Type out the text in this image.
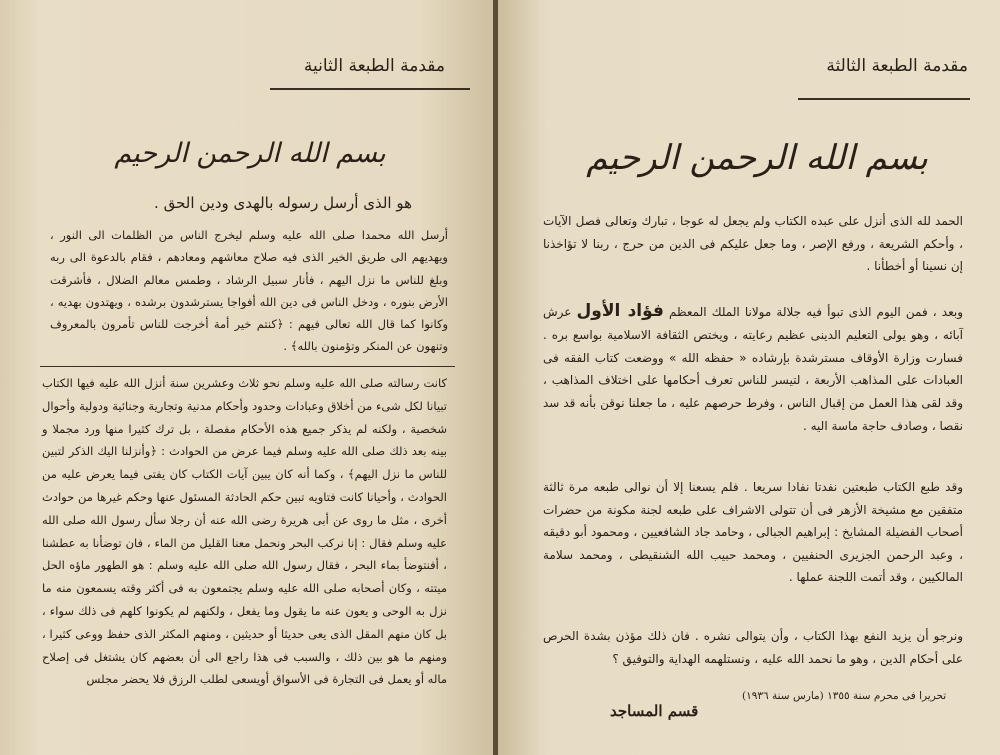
مقدمة الطبعة الثانية
بسم الله الرحمن الرحيم
هو الذى أرسل رسوله بالهدى ودين الحق .

أرسل الله محمدا صلى الله عليه وسلم ليخرج الناس من الظلمات الى النور ، ويهديهم الى طريق الخير الذى فيه صلاح معاشهم ومعادهم ، فقام بالدعوة الى ربه وبلغ للناس ما نزل اليهم ، فأنار سبيل الرشاد ، وطمس معالم الضلال ، فأشرقت الأرض بنوره ، ودخل الناس فى دين الله أفواجا يسترشدون برشده ، ويهتدون بهديه ، وكانوا كما قال الله تعالى فيهم : ﴿كنتم خير أمة أخرجت للناس تأمرون بالمعروف وتنهون عن المنكر وتؤمنون بالله﴾ .

كانت رسالته صلى الله عليه وسلم نحو ثلاث وعشرين سنة أنزل الله عليه فيها الكتاب تبيانا لكل شىء من أخلاق وعبادات وحدود وأحكام مدنية وتجارية وجنائية ودولية وأحوال شخصية ، ولكنه لم يذكر جميع هذه الأحكام مفصلة ، بل ترك كثيرا منها ورد مجملا و بينه بعد ذلك صلى الله عليه وسلم فيما عرض من الحوادث : ﴿وأنزلنا اليك الذكر لتبين للناس ما نزل اليهم﴾ ، وكما أنه كان يبين آيات الكتاب كان يفتى فيما يعرض عليه من الحوادث ، وأحيانا كانت فتاويه تبين حكم الحادثة المسئول عنها وحكم غيرها من حوادث أخرى ، مثل ما روى عن أبى هريرة رضى الله عنه أن رجلا سأل رسول الله صلى الله عليه وسلم فقال : إنا نركب البحر ونحمل معنا القليل من الماء ، فان توضأنا به عطشنا ، أفنتوضأ بماء البحر ، فقال رسول الله صلى الله عليه وسلم : هو الطهور ماؤه الحل ميتته ، وكان أصحابه صلى الله عليه وسلم يجتمعون به فى أكثر وقته يسمعون منه ما نزل به الوحى و يعون عنه ما يقول وما يفعل ، ولكنهم لم يكونوا كلهم فى ذلك سواء ، بل كان منهم المقل الذى يعى حديثا أو حديثين ، ومنهم المكثر الذى حفظ ووعى كثيرا ، ومنهم ما هو بين ذلك ، والسبب فى هذا راجع الى أن بعضهم كان يشتغل فى إصلاح ماله أو يعمل فى التجارة فى الأسواق أويسعى لطلب الرزق فلا يحضر مجلس

مقدمة الطبعة الثالثة
بسم الله الرحمن الرحيم

الحمد لله الذى أنزل على عبده الكتاب ولم يجعل له عوجا ، تبارك وتعالى فصل الآيات ، وأحكم الشريعة ، ورفع الإصر ، وما جعل عليكم فى الدين من حرج ، ربنا لا تؤاخذنا إن نسينا أو أخطأنا .

وبعد ، فمن اليوم الذى تبوأ فيه جلالة مولانا الملك المعظم فؤاد الأول عرش آبائه ، وهو يولى التعليم الدينى عظيم رعايته ، ويختص الثقافة الاسلامية بواسع بره . فسارت وزارة الأوقاف مسترشدة بإرشاده « حفظه الله » ووضعت كتاب الفقه فى العبادات على المذاهب الأربعة ، لتيسر للناس تعرف أحكامها على اختلاف المذاهب ، وقد لقى هذا العمل من إقبال الناس ، وفرط حرصهم عليه ، ما جعلنا نوقن بأنه قد سد نقصا ، وصادف حاجة ماسة اليه .

وقد طبع الكتاب طبعتين نفدتا نفادا سريعا . فلم يسعنا إلا أن نوالى طبعه مرة ثالثة متفقين مع مشيخة الأزهر فى أن تتولى الاشراف على طبعه لجنة مكونة من حضرات أصحاب الفضيلة المشايخ : إبراهيم الجبالى ، وحامد جاد الشافعيين ، ومحمود أبو دقيقه ، وعبد الرحمن الجزيرى الحنفيين ، ومحمد حبيب الله الشنقيطى ، ومحمد سلامة المالكيين ، وقد أتمت اللجنة عملها .

ونرجو أن يزيد النفع بهذا الكتاب ، وأن يتوالى نشره . فان ذلك مؤذن بشدة الحرص على أحكام الدين ، وهو ما نحمد الله عليه ، ونستلهمه الهداية والتوفيق ؟

قسم المساجد
تحريرا فى محرم سنة ١٣٥٥ (مارس سنة ١٩٣٦)
